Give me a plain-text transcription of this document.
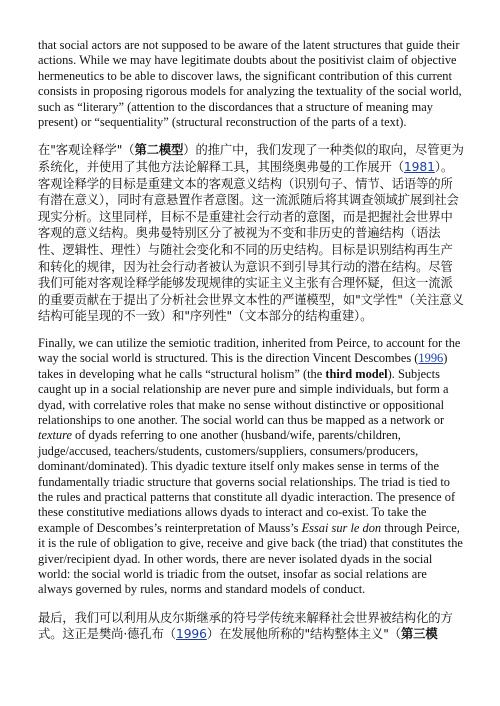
that social actors are not supposed to be aware of the latent structures that guide their actions. While we may have legitimate doubts about the positivist claim of objective hermeneutics to be able to discover laws, the significant contribution of this current consists in proposing rigorous models for analyzing the textuality of the social world, such as “literary” (attention to the discordances that a structure of meaning may present) or “sequentiality” (structural reconstruction of the parts of a text).

在"客观诠释学"（第二模型）的推广中，我们发现了一种类似的取向，尽管更为系统化，并使用了其他方法论解释工具，其围绕奥弗曼的工作展开（1981）。客观诠释学的目标是重建文本的客观意义结构（识别句子、情节、话语等的所有潜在意义），同时有意悬置作者意图。这一流派随后将其调查领域扩展到社会现实分析。这里同样，目标不是重建社会行动者的意图，而是把握社会世界中客观的意义结构。奥弗曼特别区分了被视为不变和非历史的普遍结构（语法性、逻辑性、理性）与随社会变化和不同的历史结构。目标是识别结构再生产和转化的规律，因为社会行动者被认为意识不到引导其行动的潜在结构。尽管我们可能对客观诠释学能够发现规律的实证主义主张有合理怀疑，但这一流派的重要贡献在于提出了分析社会世界文本性的严谨模型，如"文学性"（关注意义结构可能呈现的不一致）和"序列性"（文本部分的结构重建）。

Finally, we can utilize the semiotic tradition, inherited from Peirce, to account for the way the social world is structured. This is the direction Vincent Descombes (1996) takes in developing what he calls “structural holism” (the third model). Subjects caught up in a social relationship are never pure and simple individuals, but form a dyad, with correlative roles that make no sense without distinctive or oppositional relationships to one another. The social world can thus be mapped as a network or texture of dyads referring to one another (husband/wife, parents/children, judge/accused, teachers/students, customers/suppliers, consumers/producers, dominant/dominated). This dyadic texture itself only makes sense in terms of the fundamentally triadic structure that governs social relationships. The triad is tied to the rules and practical patterns that constitute all dyadic interaction. The presence of these constitutive mediations allows dyads to interact and co-exist. To take the example of Descombes’s reinterpretation of Mauss’s Essai sur le don through Peirce, it is the rule of obligation to give, receive and give back (the triad) that constitutes the giver/recipient dyad. In other words, there are never isolated dyads in the social world: the social world is triadic from the outset, insofar as social relations are always governed by rules, norms and standard models of conduct.

最后，我们可以利用从皮尔斯继承的符号学传统来解释社会世界被结构化的方式。这正是樊尚·德孔布（1996）在发展他所称的"结构整体主义"（第三模
